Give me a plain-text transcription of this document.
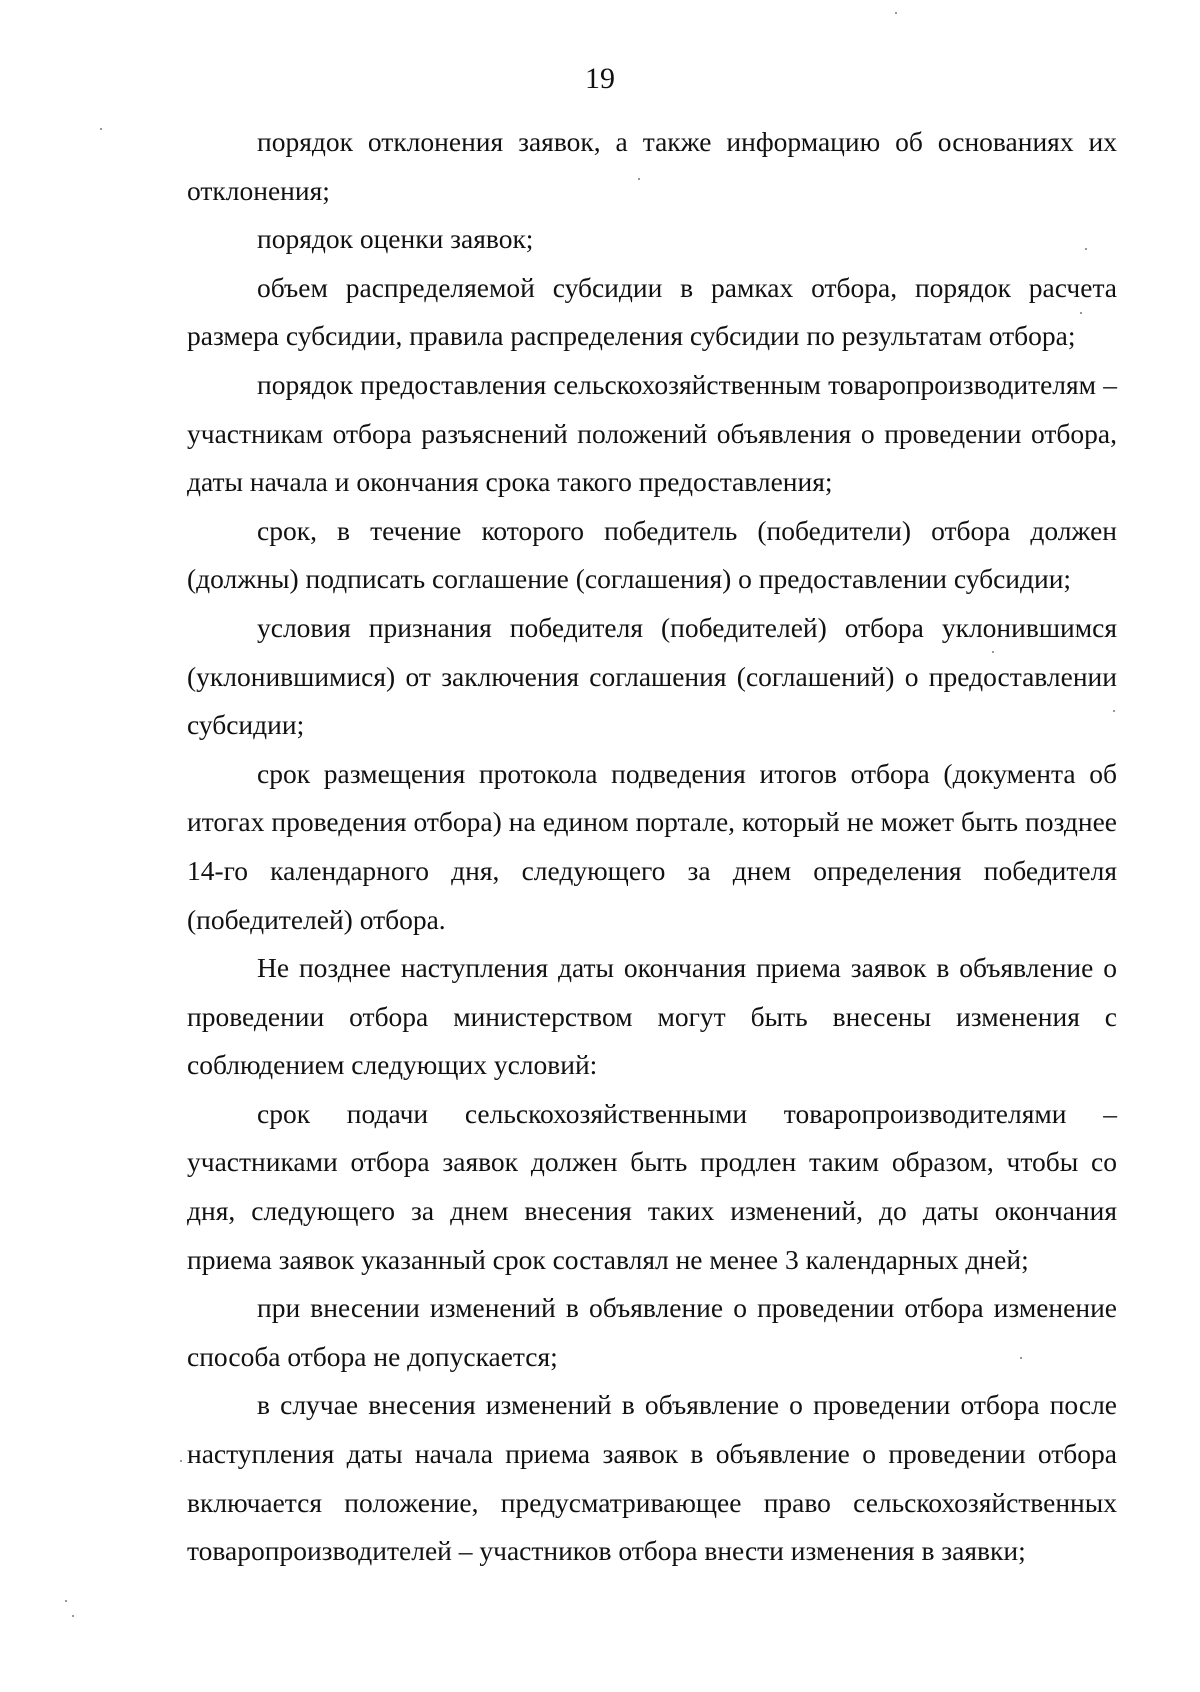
19

порядок отклонения заявок, а также информацию об основаниях их отклонения;

порядок оценки заявок;

объем распределяемой субсидии в рамках отбора, порядок расчета размера субсидии, правила распределения субсидии по результатам отбора;

порядок предоставления сельскохозяйственным товаропроизводителям – участникам отбора разъяснений положений объявления о проведении отбора, даты начала и окончания срока такого предоставления;

срок, в течение которого победитель (победители) отбора должен (должны) подписать соглашение (соглашения) о предоставлении субсидии;

условия признания победителя (победителей) отбора уклонившимся (уклонившимися) от заключения соглашения (соглашений) о предоставлении субсидии;

срок размещения протокола подведения итогов отбора (документа об итогах проведения отбора) на едином портале, который не может быть позднее 14-го календарного дня, следующего за днем определения победителя (победителей) отбора.

Не позднее наступления даты окончания приема заявок в объявление о проведении отбора министерством могут быть внесены изменения с соблюдением следующих условий:

срок подачи сельскохозяйственными товаропроизводителями – участниками отбора заявок должен быть продлен таким образом, чтобы со дня, следующего за днем внесения таких изменений, до даты окончания приема заявок указанный срок составлял не менее 3 календарных дней;

при внесении изменений в объявление о проведении отбора изменение способа отбора не допускается;

в случае внесения изменений в объявление о проведении отбора после наступления даты начала приема заявок в объявление о проведении отбора включается положение, предусматривающее право сельскохозяйственных товаропроизводителей – участников отбора внести изменения в заявки;
